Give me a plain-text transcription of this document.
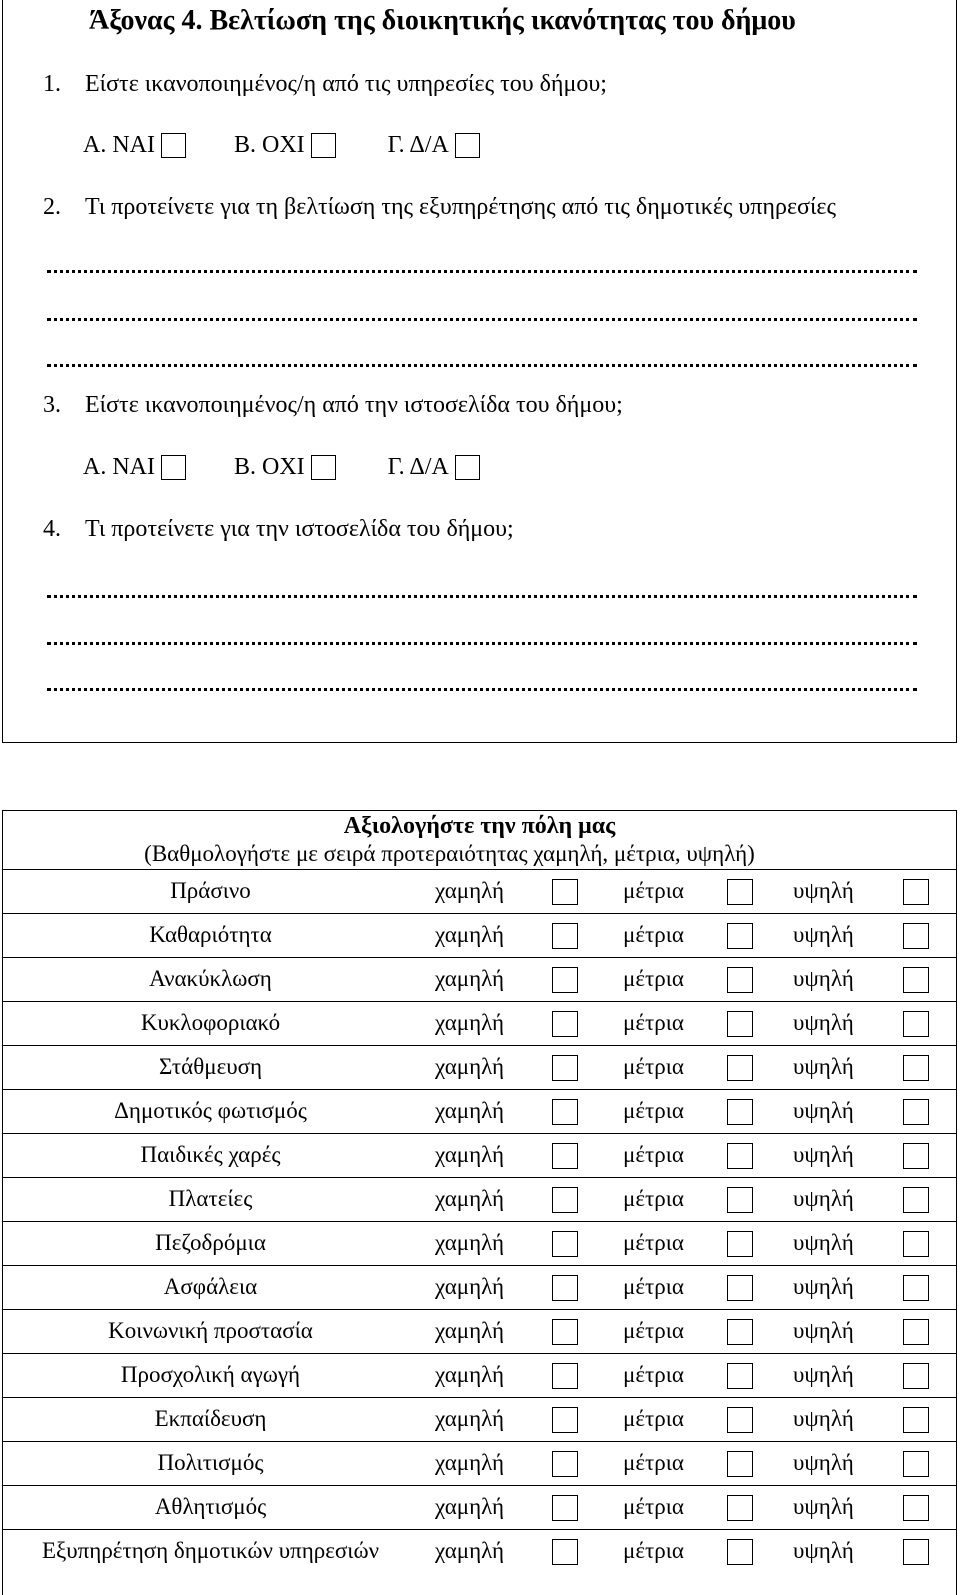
Άξονας 4. Βελτίωση της διοικητικής ικανότητας του δήμου
1. Είστε ικανοποιημένος/η από τις υπηρεσίες του δήμου;
Α. ΝΑΙ	Β. ΟΧΙ	Γ. Δ/Α
2. Τι προτείνετε για τη βελτίωση της εξυπηρέτησης από τις δημοτικές υπηρεσίες
3. Είστε ικανοποιημένος/η από την ιστοσελίδα του δήμου;
Α. ΝΑΙ	Β. ΟΧΙ	Γ. Δ/Α
4. Τι προτείνετε για την ιστοσελίδα του δήμου;
Αξιολογήστε την πόλη μας
(Βαθμολογήστε με σειρά προτεραιότητας χαμηλή, μέτρια, υψηλή)
Πράσινο	χαμηλή	μέτρια	υψηλή
Καθαριότητα	χαμηλή	μέτρια	υψηλή
Ανακύκλωση	χαμηλή	μέτρια	υψηλή
Κυκλοφοριακό	χαμηλή	μέτρια	υψηλή
Στάθμευση	χαμηλή	μέτρια	υψηλή
Δημοτικός φωτισμός	χαμηλή	μέτρια	υψηλή
Παιδικές χαρές	χαμηλή	μέτρια	υψηλή
Πλατείες	χαμηλή	μέτρια	υψηλή
Πεζοδρόμια	χαμηλή	μέτρια	υψηλή
Ασφάλεια	χαμηλή	μέτρια	υψηλή
Κοινωνική προστασία	χαμηλή	μέτρια	υψηλή
Προσχολική αγωγή	χαμηλή	μέτρια	υψηλή
Εκπαίδευση	χαμηλή	μέτρια	υψηλή
Πολιτισμός	χαμηλή	μέτρια	υψηλή
Αθλητισμός	χαμηλή	μέτρια	υψηλή
Εξυπηρέτηση δημοτικών υπηρεσιών	χαμηλή	μέτρια	υψηλή
